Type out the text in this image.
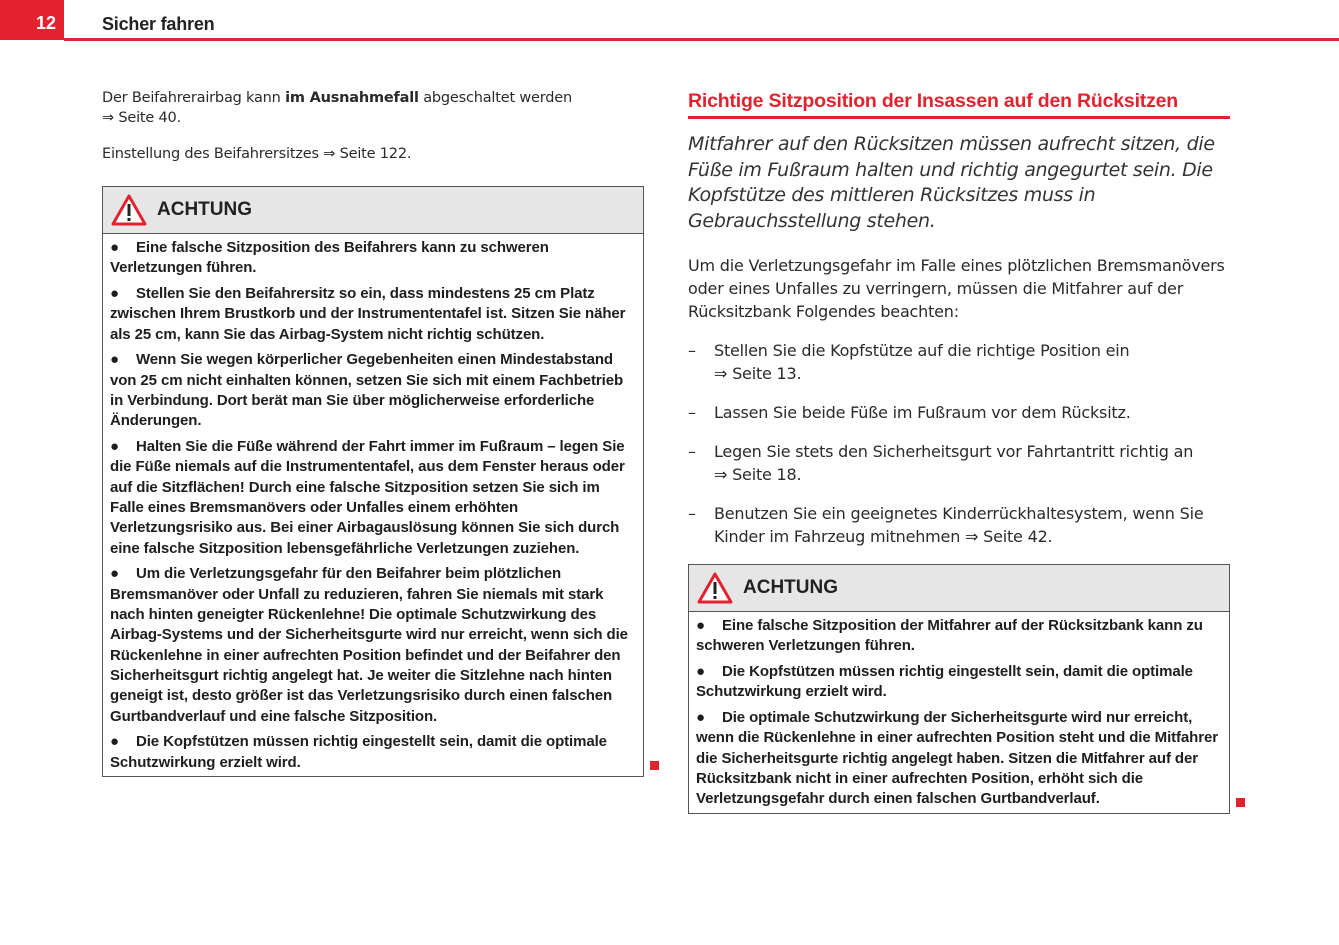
12	Sicher fahren

Der Beifahrerairbag kann im Ausnahmefall abgeschaltet werden
⇒ Seite 40.

Einstellung des Beifahrersitzes ⇒ Seite 122.

ACHTUNG
● Eine falsche Sitzposition des Beifahrers kann zu schweren Verletzungen führen.
● Stellen Sie den Beifahrersitz so ein, dass mindestens 25 cm Platz zwischen Ihrem Brustkorb und der Instrumententafel ist. Sitzen Sie näher als 25 cm, kann Sie das Airbag-System nicht richtig schützen.
● Wenn Sie wegen körperlicher Gegebenheiten einen Mindestabstand von 25 cm nicht einhalten können, setzen Sie sich mit einem Fachbetrieb in Verbindung. Dort berät man Sie über möglicherweise erforderliche Änderungen.
● Halten Sie die Füße während der Fahrt immer im Fußraum – legen Sie die Füße niemals auf die Instrumententafel, aus dem Fenster heraus oder auf die Sitzflächen! Durch eine falsche Sitzposition setzen Sie sich im Falle eines Bremsmanövers oder Unfalles einem erhöhten Verletzungsrisiko aus. Bei einer Airbagauslösung können Sie sich durch eine falsche Sitzposition lebensgefährliche Verletzungen zuziehen.
● Um die Verletzungsgefahr für den Beifahrer beim plötzlichen Bremsmanöver oder Unfall zu reduzieren, fahren Sie niemals mit stark nach hinten geneigter Rückenlehne! Die optimale Schutzwirkung des Airbag-Systems und der Sicherheitsgurte wird nur erreicht, wenn sich die Rückenlehne in einer aufrechten Position befindet und der Beifahrer den Sicherheitsgurt richtig angelegt hat. Je weiter die Sitzlehne nach hinten geneigt ist, desto größer ist das Verletzungsrisiko durch einen falschen Gurtbandverlauf und eine falsche Sitzposition.
● Die Kopfstützen müssen richtig eingestellt sein, damit die optimale Schutzwirkung erzielt wird.
Richtige Sitzposition der Insassen auf den Rücksitzen
Mitfahrer auf den Rücksitzen müssen aufrecht sitzen, die Füße im Fußraum halten und richtig angegurtet sein. Die Kopfstütze des mittleren Rücksitzes muss in Gebrauchsstellung stehen.

Um die Verletzungsgefahr im Falle eines plötzlichen Bremsmanövers oder eines Unfalles zu verringern, müssen die Mitfahrer auf der Rücksitzbank Folgendes beachten:

–	Stellen Sie die Kopfstütze auf die richtige Position ein
⇒ Seite 13.
–	Lassen Sie beide Füße im Fußraum vor dem Rücksitz.
–	Legen Sie stets den Sicherheitsgurt vor Fahrtantritt richtig an
⇒ Seite 18.
–	Benutzen Sie ein geeignetes Kinderrückhaltesystem, wenn Sie Kinder im Fahrzeug mitnehmen ⇒ Seite 42.
ACHTUNG
● Eine falsche Sitzposition der Mitfahrer auf der Rücksitzbank kann zu schweren Verletzungen führen.
● Die Kopfstützen müssen richtig eingestellt sein, damit die optimale Schutzwirkung erzielt wird.
● Die optimale Schutzwirkung der Sicherheitsgurte wird nur erreicht, wenn die Rückenlehne in einer aufrechten Position steht und die Mitfahrer die Sicherheitsgurte richtig angelegt haben. Sitzen die Mitfahrer auf der Rücksitzbank nicht in einer aufrechten Position, erhöht sich die Verletzungsgefahr durch einen falschen Gurtbandverlauf.
